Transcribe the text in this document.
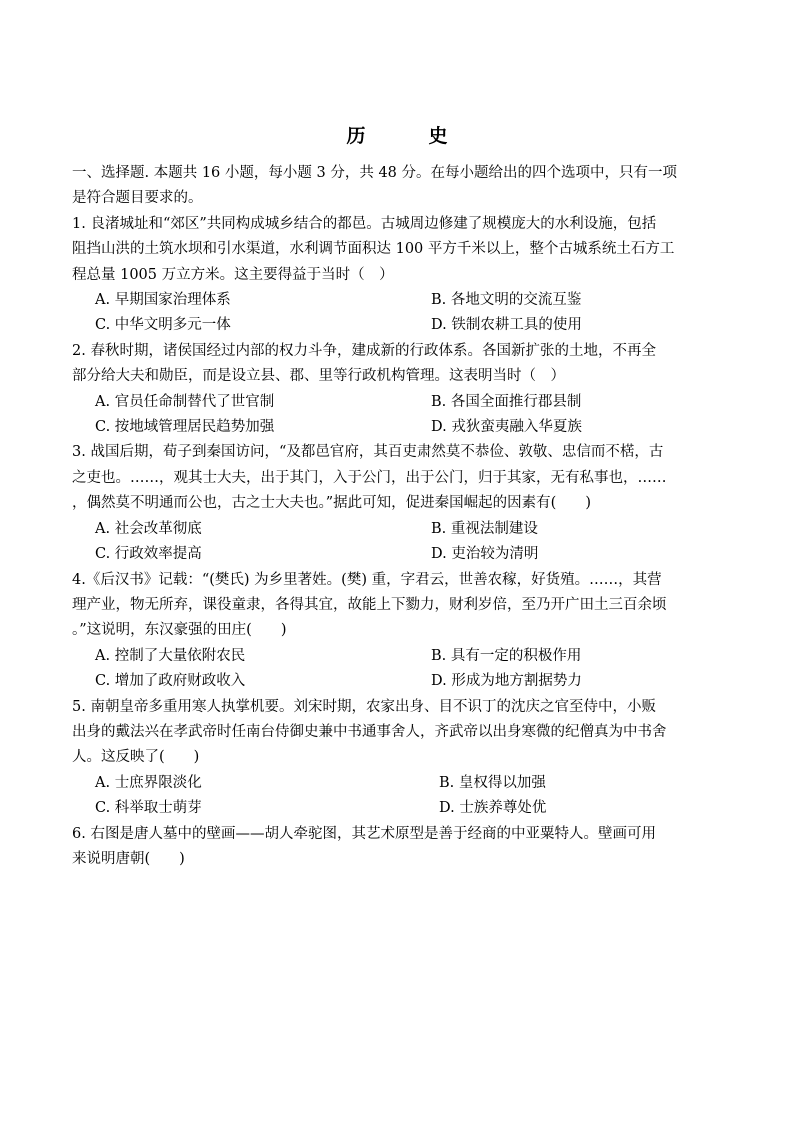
历　史

一、选择题. 本题共 16 小题，每小题 3 分，共 48 分。在每小题给出的四个选项中，只有一项

是符合题目要求的。

1. 良渚城址和“郊区”共同构成城乡结合的都邑。古城周边修建了规模庞大的水利设施，包括

阻挡山洪的土筑水坝和引水渠道，水利调节面积达 100 平方千米以上，整个古城系统土石方工

程总量 1005 万立方米。这主要得益于当时（　）

A. 早期国家治理体系	B. 各地文明的交流互鉴
C. 中华文明多元一体	D. 铁制农耕工具的使用

2. 春秋时期，诸侯国经过内部的权力斗争，建成新的行政体系。各国新扩张的土地，不再全

部分给大夫和勋臣，而是设立县、郡、里等行政机构管理。这表明当时（　）

A. 官员任命制替代了世官制	B. 各国全面推行郡县制
C. 按地域管理居民趋势加强	D. 戎狄蛮夷融入华夏族

3. 战国后期，荀子到秦国访问，“及都邑官府，其百吏肃然莫不恭俭、敦敬、忠信而不楛，古

之吏也。……，观其士大夫，出于其门，入于公门，出于公门，归于其家，无有私事也，……

，偶然莫不明通而公也，古之士大夫也。”据此可知，促进秦国崛起的因素有(　　)

A. 社会改革彻底	B. 重视法制建设
C. 行政效率提高	D. 吏治较为清明

4.《后汉书》记载：“(樊氏) 为乡里著姓。(樊) 重，字君云，世善农稼，好货殖。……，其营

理产业，物无所弃，课役童隶，各得其宜，故能上下勠力，财利岁倍，至乃开广田土三百余顷

。”这说明，东汉豪强的田庄(　　)

A. 控制了大量依附农民	B. 具有一定的积极作用
C. 增加了政府财政收入	D. 形成为地方割据势力

5. 南朝皇帝多重用寒人执掌机要。刘宋时期，农家出身、目不识丁的沈庆之官至侍中，小贩

出身的戴法兴在孝武帝时任南台侍御史兼中书通事舍人，齐武帝以出身寒微的纪僧真为中书舍

人。这反映了(　　)

A. 士庶界限淡化	B. 皇权得以加强
C. 科举取士萌芽	D. 士族养尊处优

6. 右图是唐人墓中的壁画——胡人牵驼图，其艺术原型是善于经商的中亚粟特人。壁画可用

来说明唐朝(　　)
